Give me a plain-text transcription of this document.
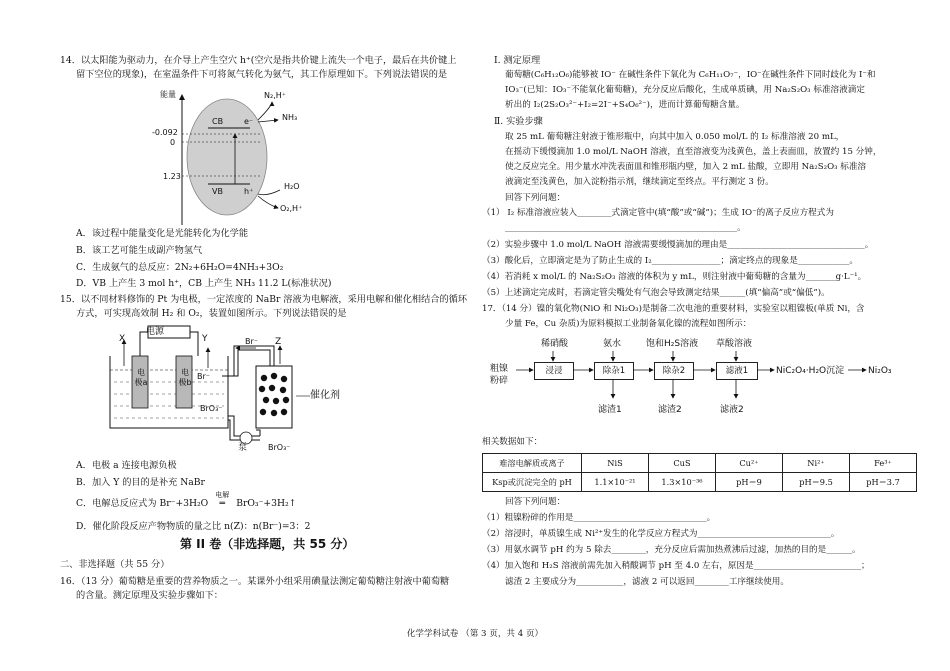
14．以太阳能为驱动力，在介导上产生空穴 h⁺(空穴是指共价键上流失一个电子，最后在共价键上
留下空位的现象)，在室温条件下可将氮气转化为氨气，其工作原理如下。下列说法错误的是
能量
-0.092
0
1.23
CB	e⁻
VB	h⁺
N₂,H⁺
NH₃
H₂O
O₂,H⁺
A．该过程中能量变化是光能转化为化学能
B．该工艺可能生成副产物氢气
C．生成氨气的总反应：2N₂+6H₂O=4NH₃+3O₂
D．VB 上产生 3 mol h⁺，CB 上产生 NH₃ 11.2 L(标准状况)
15．以不同材料修饰的 Pt 为电极，一定浓度的 NaBr 溶液为电解液，采用电解和催化相结合的循环
方式，可实现高效制 H₂ 和 O₂，装置如图所示。下列说法错误的是
电源
X	Y	Z
电极a
电极b
Br⁻
Br⁻
BrO₃⁻
BrO₃⁻
催化剂
泵
A．电极 a 连接电源负极
B．加入 Y 的目的是补充 NaBr
C．电解总反应式为 Br⁻+3H₂O
电解
═ BrO₃⁻+3H₂↑
D．催化阶段反应产物物质的量之比 n(Z)：n(Br⁻)=3：2
第 II 卷（非选择题，共 55 分）
二、非选择题（共 55 分）
16．（13 分）葡萄糖是重要的营养物质之一。某课外小组采用碘量法测定葡萄糖注射液中葡萄糖
的含量。测定原理及实验步骤如下：
Ⅰ. 测定原理
葡萄糖(C₆H₁₂O₆)能够被 IO⁻ 在碱性条件下氧化为 C₆H₁₁O₇⁻，IO⁻在碱性条件下同时歧化为 I⁻和
IO₃⁻(已知：IO₃⁻不能氧化葡萄糖)，充分反应后酸化，生成单质碘，用 Na₂S₂O₃ 标准溶液滴定
析出的 I₂(2S₂O₃²⁻+I₂=2I⁻+S₄O₆²⁻)，进而计算葡萄糖含量。
Ⅱ. 实验步骤
取 25 mL 葡萄糖注射液于锥形瓶中，向其中加入 0.050 mol/L 的 I₂ 标准溶液 20 mL，
在摇动下缓慢滴加 1.0 mol/L NaOH 溶液，直至溶液变为浅黄色，盖上表面皿，放置约 15 分钟，
使之反应完全。用少量水冲洗表面皿和锥形瓶内壁，加入 2 mL 盐酸，立即用 Na₂S₂O₃ 标准溶
液滴定至浅黄色，加入淀粉指示剂，继续滴定至终点。平行测定 3 份。
回答下列问题：
（1） I₂ 标准溶液应装入________式滴定管中(填“酸”或“碱”)；生成 IO⁻的离子反应方程式为
______________________________________________________。
（2）实验步骤中 1.0 mol/L NaOH 溶液需要缓慢滴加的理由是________________________________。
（3）酸化后，立即滴定是为了防止生成的 I₂________________；滴定终点的现象是____________。
（4）若消耗 x mol/L 的 Na₂S₂O₃ 溶液的体积为 y mL，则注射液中葡萄糖的含量为_______g·L⁻¹。
（5）上述滴定完成时，若滴定管尖嘴处有气泡会导致测定结果______(填“偏高”或“偏低”)。
17．（14 分）镍的氧化物(NiO 和 Ni₂O₃)是制备二次电池的重要材料，实验室以粗镍板(单质 Ni，含
少量 Fe，Cu 杂质)为原料模拟工业制备氧化镍的流程如图所示：
粗镍
粉碎
稀硝酸	氨水	饱和H₂S溶液 草酸溶液
浸浸	除杂1	除杂2	滤液1	NiC₂O₄·H₂O沉淀	Ni₂O₃
滤渣1	滤渣2	滤液2
相关数据如下：
难溶电解质或离子	NiS	CuS	Cu²⁺	Ni²⁺	Fe³⁺
Ksp或沉淀完全的 pH	1.1×10⁻²¹	1.3×10⁻³⁶	pH＝9	pH＝9.5	pH＝3.7
回答下列问题：
（1）粗镍粉碎的作用是_______________________________。
（2）溶浸时，单质镍生成 Ni²⁺发生的化学反应方程式为_______________________________。
（3）用氨水调节 pH 约为 5 除去________，充分反应后需加热煮沸后过滤，加热的目的是______。
（4）加入饱和 H₂S 溶液前需先加入稍酸调节 pH 至 4.0 左右，原因是_________________________；
滤渣 2 主要成分为___________，滤液 2 可以返回________工序继续使用。
化学学科试卷 （第 3 页，共 4 页）
